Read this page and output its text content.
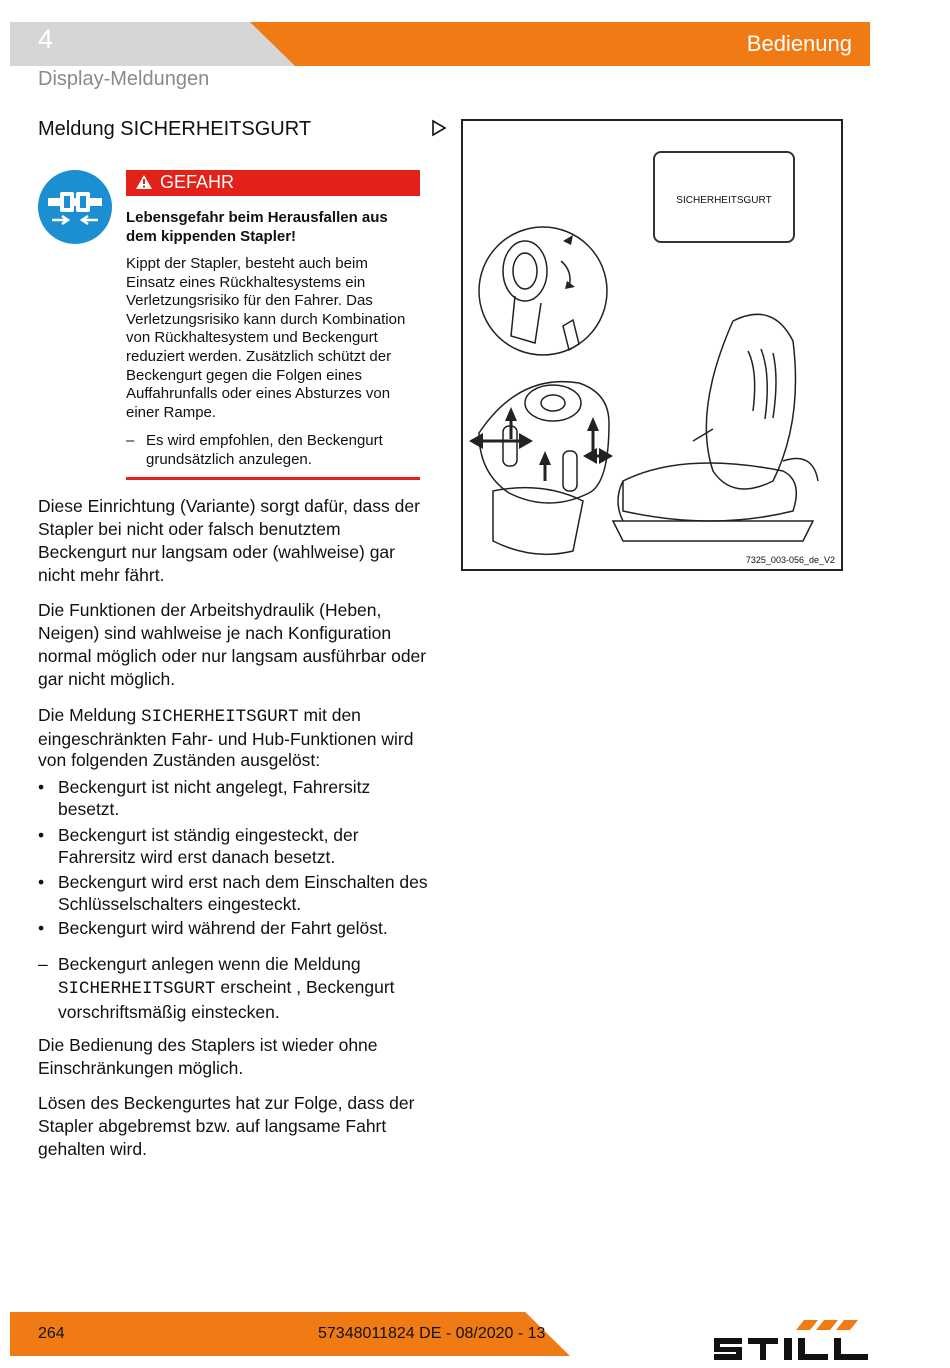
4	Bedienung
Display-Meldungen
Meldung SICHERHEITSGURT
GEFAHR
Lebensgefahr beim Herausfallen aus dem kippenden Stapler!
Kippt der Stapler, besteht auch beim Einsatz eines Rückhaltesystems ein Verletzungsrisiko für den Fahrer. Das Verletzungsrisiko kann durch Kombination von Rückhaltesystem und Beckengurt reduziert werden. Zusätzlich schützt der Beckengurt gegen die Folgen eines Auffahrunfalls oder eines Absturzes von einer Rampe.
– Es wird empfohlen, den Beckengurt grundsätzlich anzulegen.
Diese Einrichtung (Variante) sorgt dafür, dass der Stapler bei nicht oder falsch benutztem Beckengurt nur langsam oder (wahlweise) gar nicht mehr fährt.
Die Funktionen der Arbeitshydraulik (Heben, Neigen) sind wahlweise je nach Konfiguration normal möglich oder nur langsam ausführbar oder gar nicht möglich.
Die Meldung SICHERHEITSGURT mit den eingeschränkten Fahr- und Hub-Funktionen wird von folgenden Zuständen ausgelöst:
• Beckengurt ist nicht angelegt, Fahrersitz besetzt.
• Beckengurt ist ständig eingesteckt, der Fahrersitz wird erst danach besetzt.
• Beckengurt wird erst nach dem Einschalten des Schlüsselschalters eingesteckt.
• Beckengurt wird während der Fahrt gelöst.
– Beckengurt anlegen wenn die Meldung SICHERHEITSGURT erscheint , Beckengurt vorschriftsmäßig einstecken.
Die Bedienung des Staplers ist wieder ohne Einschränkungen möglich.
Lösen des Beckengurtes hat zur Folge, dass der Stapler abgebremst bzw. auf langsame Fahrt gehalten wird.
SICHERHEITSGURT
7325_003-056_de_V2
264	57348011824 DE - 08/2020 - 13
